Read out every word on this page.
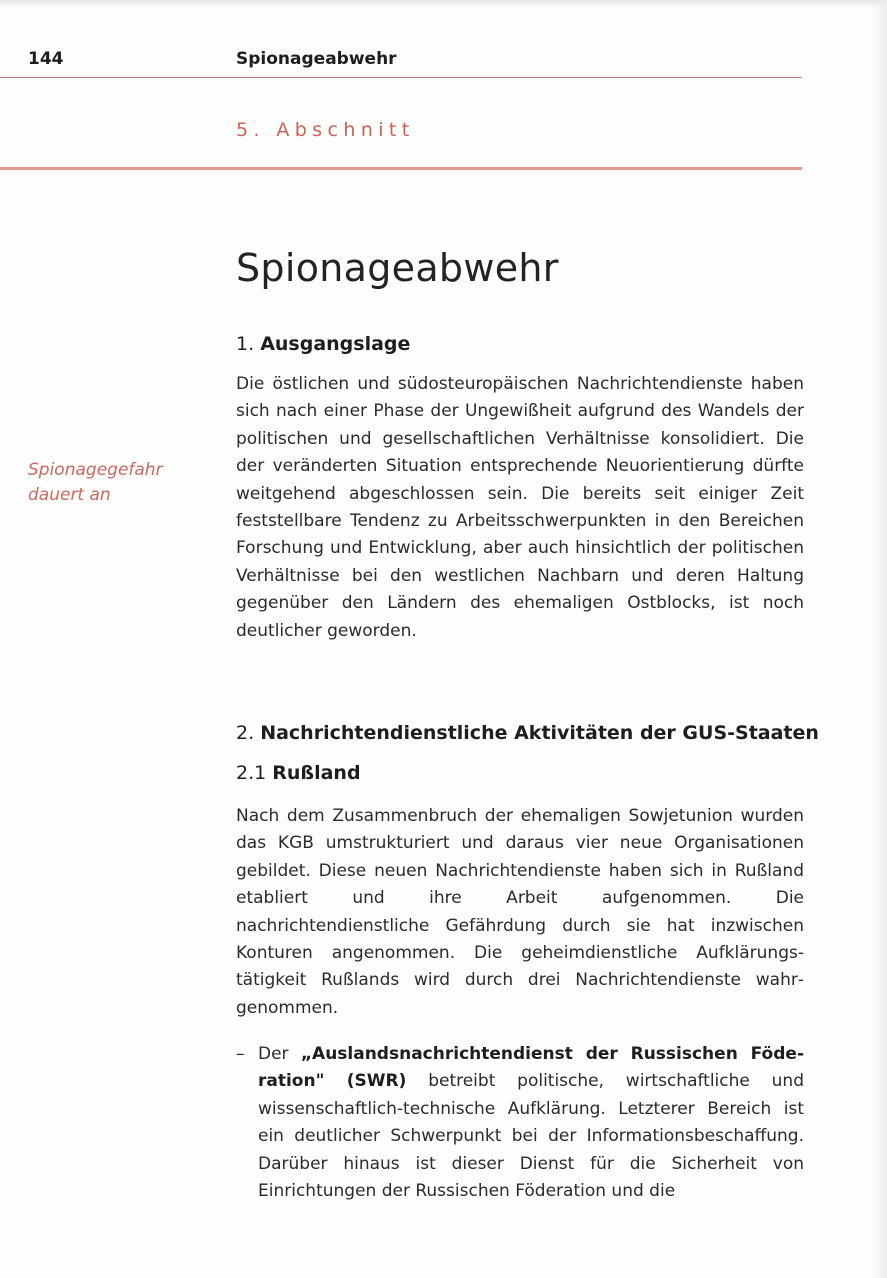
144	Spionageabwehr
5. Abschnitt
Spionageabwehr
Spionagegefahr
dauert an
1. Ausgangslage
Die östlichen und südosteuropäischen Nachrichtendienste haben sich nach einer Phase der Ungewißheit aufgrund des Wandels der politischen und gesellschaftlichen Verhältnisse konsolidiert. Die der veränderten Situation entsprechende Neuorientierung dürfte weitgehend abgeschlossen sein. Die bereits seit einiger Zeit feststellbare Tendenz zu Arbeitsschwerpunkten in den Bereichen Forschung und Entwicklung, aber auch hinsichtlich der politischen Verhältnisse bei den westlichen Nachbarn und deren Haltung gegenüber den Ländern des ehemaligen Ostblocks, ist noch deutlicher geworden.
2. Nachrichtendienstliche Aktivitäten der GUS-Staaten
2.1 Rußland
Nach dem Zusammenbruch der ehemaligen Sowjetunion wurden das KGB umstrukturiert und daraus vier neue Organisationen gebildet. Diese neuen Nachrichtendienste haben sich in Rußland etabliert und ihre Arbeit aufgenommen. Die nachrichtendienstliche Gefährdung durch sie hat inzwischen Konturen angenommen. Die geheimdienstliche Aufklärungstätigkeit Rußlands wird durch drei Nachrichtendienste wahrgenommen.
– Der „Auslandsnachrichtendienst der Russischen Föderation" (SWR) betreibt politische, wirtschaftliche und wissenschaftlich-technische Aufklärung. Letzterer Bereich ist ein deutlicher Schwerpunkt bei der Informationsbeschaffung. Darüber hinaus ist dieser Dienst für die Sicherheit von Einrichtungen der Russischen Föderation und die
